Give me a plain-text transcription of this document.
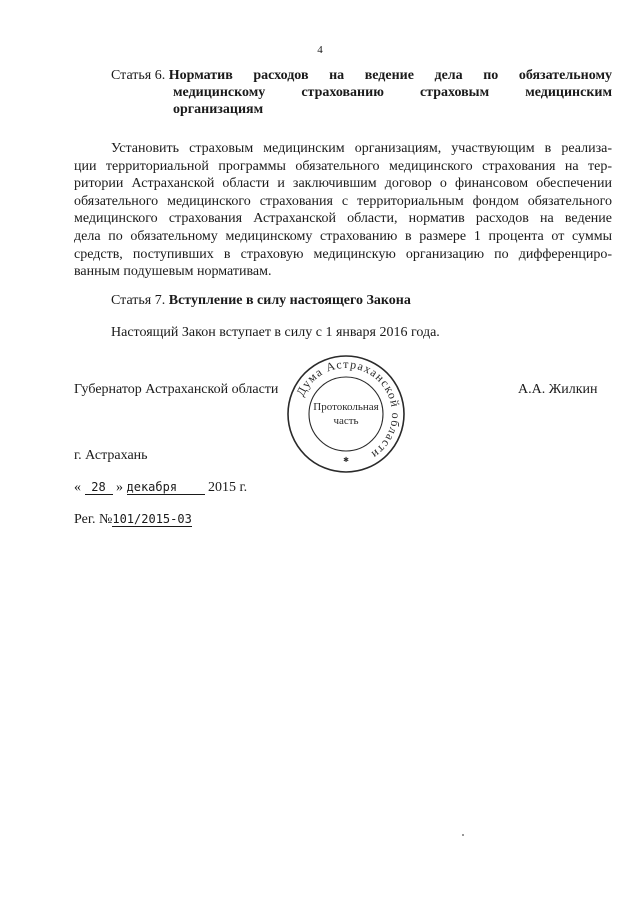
4
Статья 6. Норматив расходов на ведение дела по обязательному
медицинскому	страхованию	страховым	медицинским
организациям
Установить страховым медицинским организациям, участвующим в реализа-
ции территориальной программы обязательного медицинского страхования на тер-
ритории Астраханской области и заключившим договор о финансовом обеспечении
обязательного медицинского страхования с территориальным фондом обязательного
медицинского страхования Астраханской области, норматив расходов на ведение
дела по обязательному медицинскому страхованию в размере 1 процента от суммы
средств, поступивших в страховую медицинскую организацию по дифференциро-
ванным подушевым нормативам.
Статья 7. Вступление в силу настоящего Закона
Настоящий Закон вступает в силу с 1 января 2016 года.
Губернатор Астраханской области	А.А. Жилкин
Дума Астраханской области
Протокольная
часть
✱
г. Астрахань
« 28 » декабря 2015 г.
Рег. №101/2015-03
